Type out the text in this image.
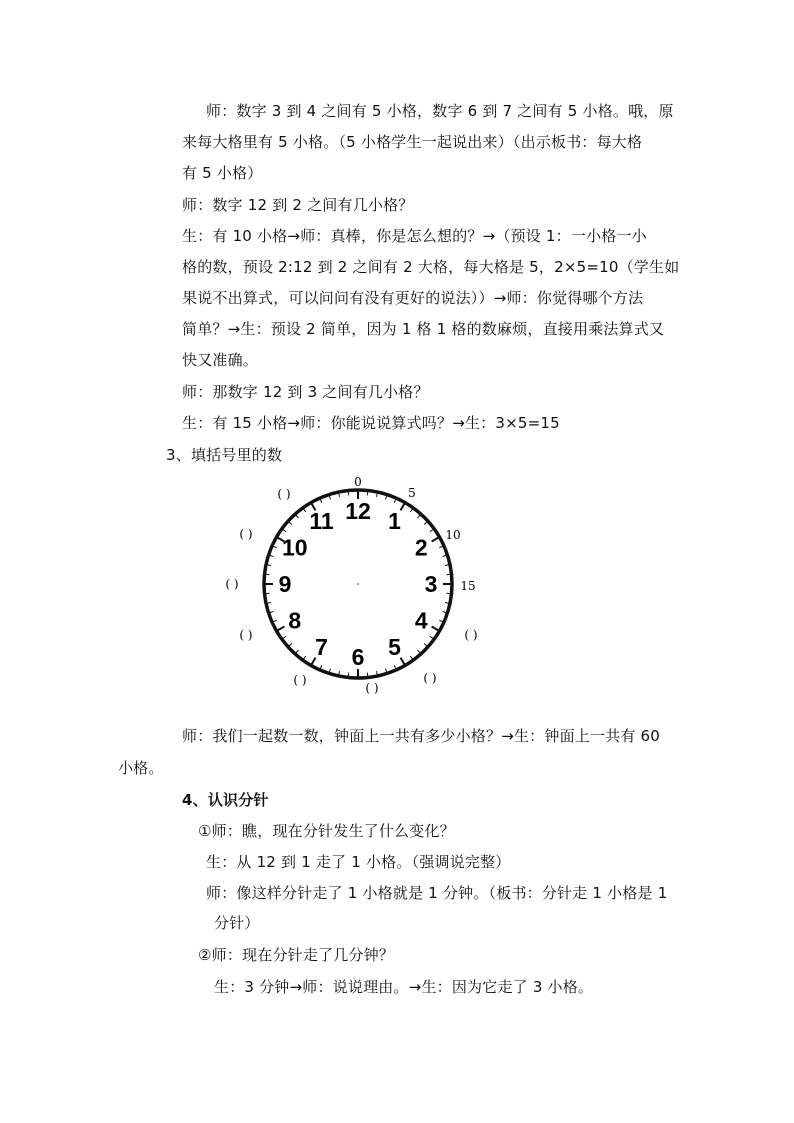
师：数字 3 到 4 之间有 5 小格，数字 6 到 7 之间有 5 小格。哦，原
来每大格里有 5 小格。（5 小格学生一起说出来）（出示板书：每大格
有 5 小格）
师：数字 12 到 2 之间有几小格？
生：有 10 小格→师：真棒，你是怎么想的？→（预设 1：一小格一小
格的数，预设 2:12 到 2 之间有 2 大格，每大格是 5，2×5=10（学生如
果说不出算式，可以问问有没有更好的说法））→师：你觉得哪个方法
简单？→生：预设 2 简单，因为 1 格 1 格的数麻烦，直接用乘法算式又
快又准确。
师：那数字 12 到 3 之间有几小格？
生：有 15 小格→师：你能说说算式吗？→生：3×5=15
3、填括号里的数
师：我们一起数一数，钟面上一共有多少小格？→生：钟面上一共有 60
小格。
4、认识分针
①师：瞧，现在分针发生了什么变化？
生：从 12 到 1 走了 1 小格。（强调说完整）
师：像这样分针走了 1 小格就是 1 分钟。（板书：分针走 1 小格是 1
分针）
②师：现在分针走了几分钟？
生：3 分钟→师：说说理由。→生：因为它走了 3 小格。
12 1
2
3
4
5
6
7
8
9
10
11
0
5
10
15
( )
( )
( )
( )	( )
( )
( )
( )
